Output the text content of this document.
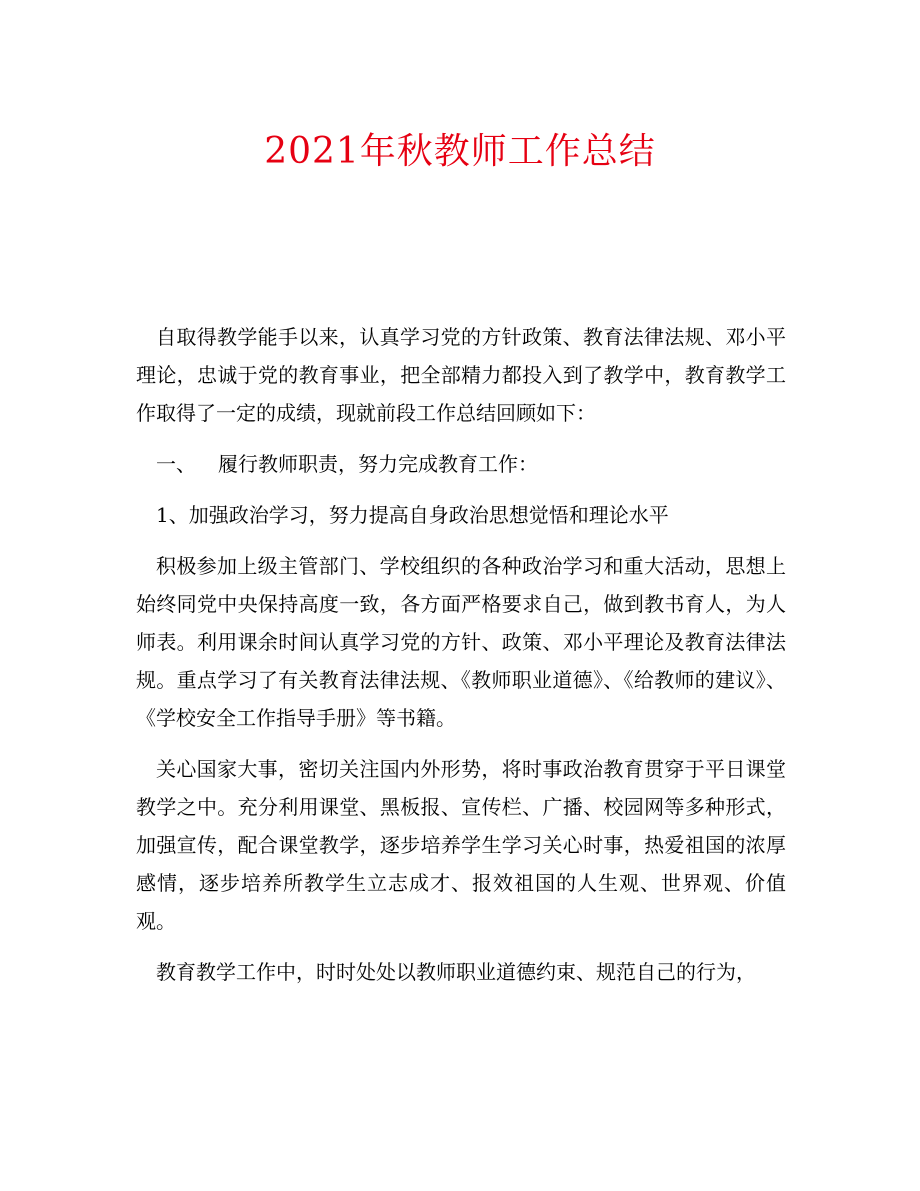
2021年秋教师工作总结

自取得教学能手以来，认真学习党的方针政策、教育法律法规、邓小平理论，忠诚于党的教育事业，把全部精力都投入到了教学中，教育教学工作取得了一定的成绩，现就前段工作总结回顾如下：

一、 履行教师职责，努力完成教育工作：

1、加强政治学习，努力提高自身政治思想觉悟和理论水平

积极参加上级主管部门、学校组织的各种政治学习和重大活动，思想上始终同党中央保持高度一致，各方面严格要求自己，做到教书育人，为人师表。利用课余时间认真学习党的方针、政策、邓小平理论及教育法律法规。重点学习了有关教育法律法规、《教师职业道德》、《给教师的建议》、《学校安全工作指导手册》等书籍。

关心国家大事，密切关注国内外形势，将时事政治教育贯穿于平日课堂教学之中。充分利用课堂、黑板报、宣传栏、广播、校园网等多种形式，加强宣传，配合课堂教学，逐步培养学生学习关心时事，热爱祖国的浓厚感情，逐步培养所教学生立志成才、报效祖国的人生观、世界观、价值观。

教育教学工作中，时时处处以教师职业道德约束、规范自己的行为，
